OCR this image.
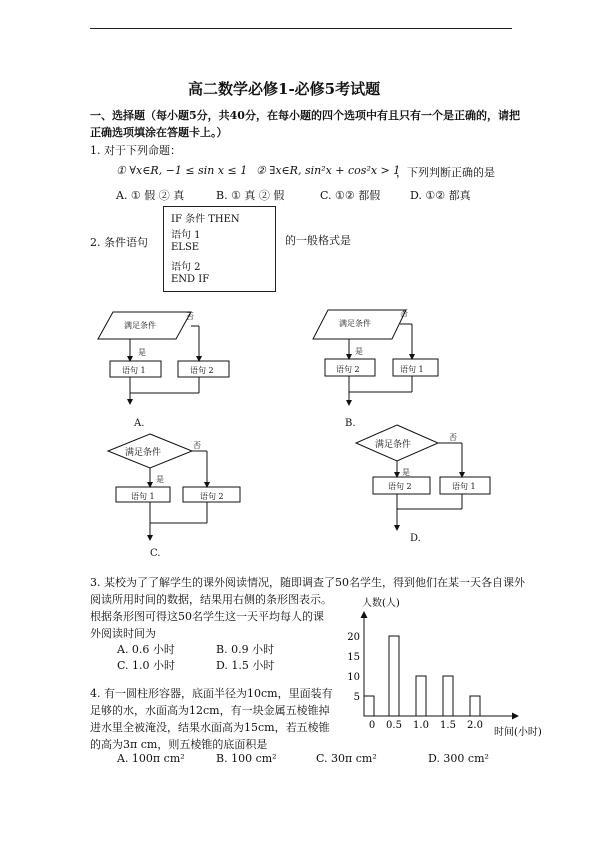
高二数学必修1-必修5考试题
一、选择题（每小题5分，共40分，在每小题的四个选项中有且只有一个是正确的，请把
正确选项填涂在答题卡上。）
1. 对于下列命题：
① ∀x∈R, −1 ≤ sin x ≤ 1 ② ∃x∈R, sin²x + cos²x > 1
，下列判断正确的是
A. ① 假 ② 真	B. ① 真 ② 假	C. ①② 都假	D. ①② 都真
2. 条件语句
IF 条件 THEN
语句 1
ELSE
语句 2
END IF
的一般格式是
满足条件
否
是
语句 1	语句 2
A.
满足条件
否
是
语句 2	语句 1
B.
满足条件
否
是
语句 1	语句 2
C.
满足条件
否
是
语句 2	语句 1
D.
3. 某校为了了解学生的课外阅读情况，随即调查了50名学生，得到他们在某一天各自课外
阅读所用时间的数据，结果用右侧的条形图表示。
根据条形图可得这50名学生这一天平均每人的课
外阅读时间为
A. 0.6 小时	B. 0.9 小时
C. 1.0 小时	D. 1.5 小时
4. 有一圆柱形容器，底面半径为10cm，里面装有
足够的水，水面高为12cm，有一块金属五棱锥掉
进水里全被淹没，结果水面高为15cm，若五棱锥
的高为3π cm，则五棱锥的底面积是
A. 100π cm²	B. 100 cm²	C. 30π cm²	D. 300 cm²
人数(人)
时间(小时)
0 0.5 1.0 1.5 2.0
5
10
15
20
